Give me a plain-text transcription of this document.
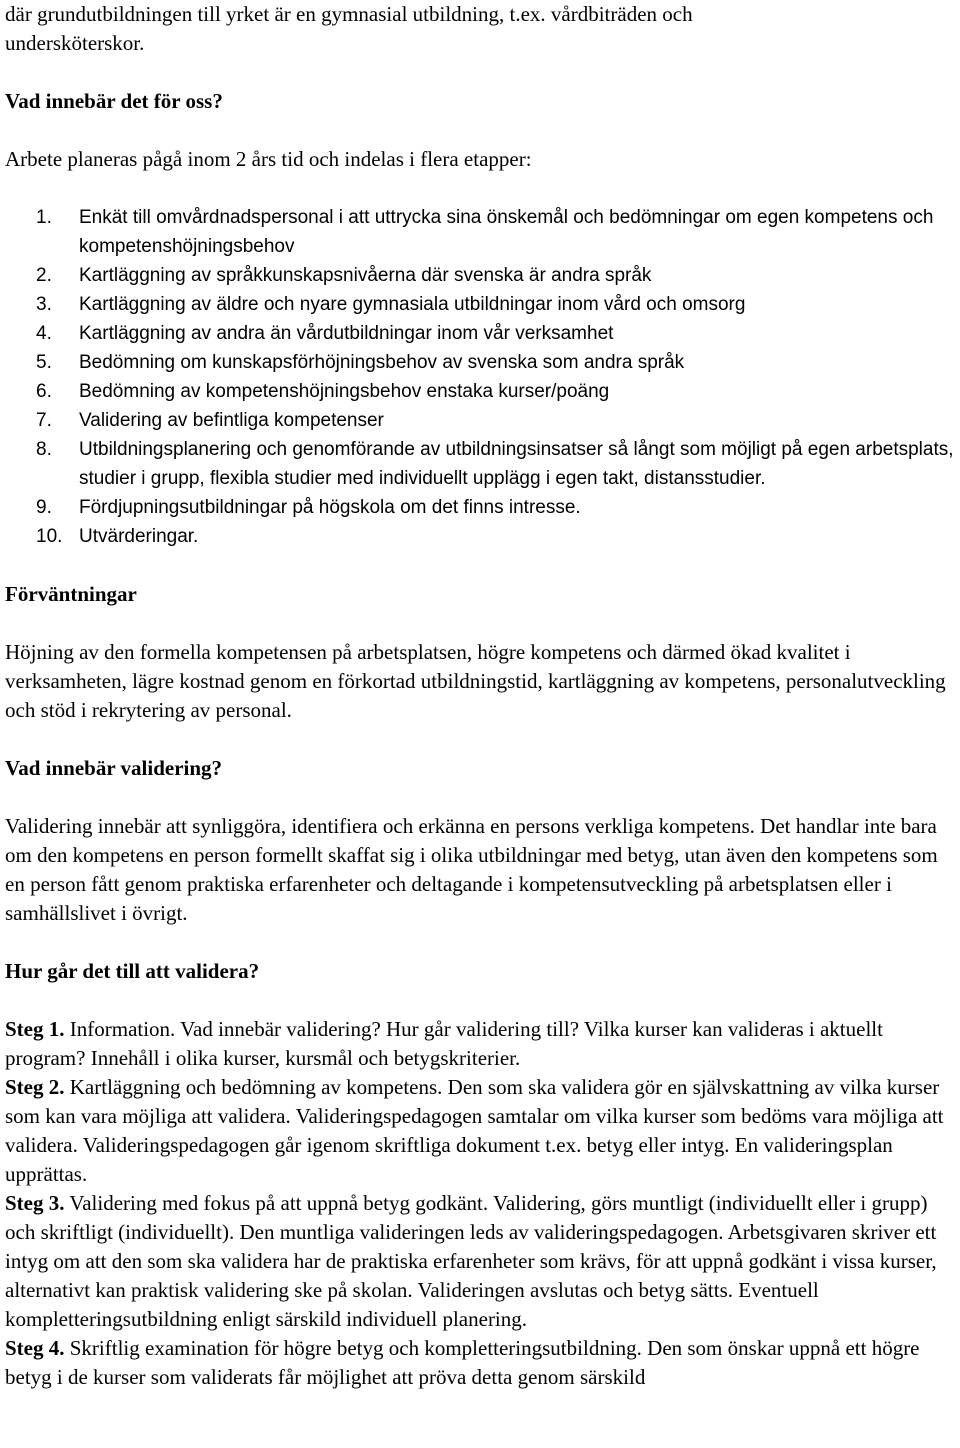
där grundutbildningen till yrket är en gymnasial utbildning, t.ex. vårdbiträden och

undersköterskor.

Vad innebär det för oss?

Arbete planeras pågå inom 2 års tid och indelas i flera etapper:

1.	Enkät till omvårdnadspersonal i att uttrycka sina önskemål och bedömningar om egen kompetens och kompetenshöjningsbehov
2.	Kartläggning av språkkunskapsnivåerna där svenska är andra språk
3.	Kartläggning av äldre och nyare gymnasiala utbildningar inom vård och omsorg
4.	Kartläggning av andra än vårdutbildningar inom vår verksamhet
5.	Bedömning om kunskapsförhöjningsbehov av svenska som andra språk
6.	Bedömning av kompetenshöjningsbehov enstaka kurser/poäng
7.	Validering av befintliga kompetenser
8.	Utbildningsplanering och genomförande av utbildningsinsatser så långt som möjligt på egen arbetsplats, studier i grupp, flexibla studier med individuellt upplägg i egen takt, distansstudier.
9.	Fördjupningsutbildningar på högskola om det finns intresse.
10. Utvärderingar.

Förväntningar

Höjning av den formella kompetensen på arbetsplatsen, högre kompetens och därmed ökad kvalitet i verksamheten, lägre kostnad genom en förkortad utbildningstid, kartläggning av kompetens, personalutveckling och stöd i rekrytering av personal.

Vad innebär validering?

Validering innebär att synliggöra, identifiera och erkänna en persons verkliga kompetens. Det handlar inte bara om den kompetens en person formellt skaffat sig i olika utbildningar med betyg, utan även den kompetens som en person fått genom praktiska erfarenheter och deltagande i kompetensutveckling på arbetsplatsen eller i samhällslivet i övrigt.

Hur går det till att validera?

Steg 1. Information. Vad innebär validering? Hur går validering till? Vilka kurser kan valideras i aktuellt program? Innehåll i olika kurser, kursmål och betygskriterier.

Steg 2. Kartläggning och bedömning av kompetens. Den som ska validera gör en självskattning av vilka kurser som kan vara möjliga att validera. Valideringspedagogen samtalar om vilka kurser som bedöms vara möjliga att validera. Valideringspedagogen går igenom skriftliga dokument t.ex. betyg eller intyg. En valideringsplan upprättas.

Steg 3. Validering med fokus på att uppnå betyg godkänt. Validering, görs muntligt (individuellt eller i grupp) och skriftligt (individuellt). Den muntliga valideringen leds av valideringspedagogen. Arbetsgivaren skriver ett intyg om att den som ska validera har de praktiska erfarenheter som krävs, för att uppnå godkänt i vissa kurser, alternativt kan praktisk validering ske på skolan. Valideringen avslutas och betyg sätts. Eventuell kompletteringsutbildning enligt särskild individuell planering.

Steg 4. Skriftlig examination för högre betyg och kompletteringsutbildning. Den som önskar uppnå ett högre betyg i de kurser som validerats får möjlighet att pröva detta genom särskild
